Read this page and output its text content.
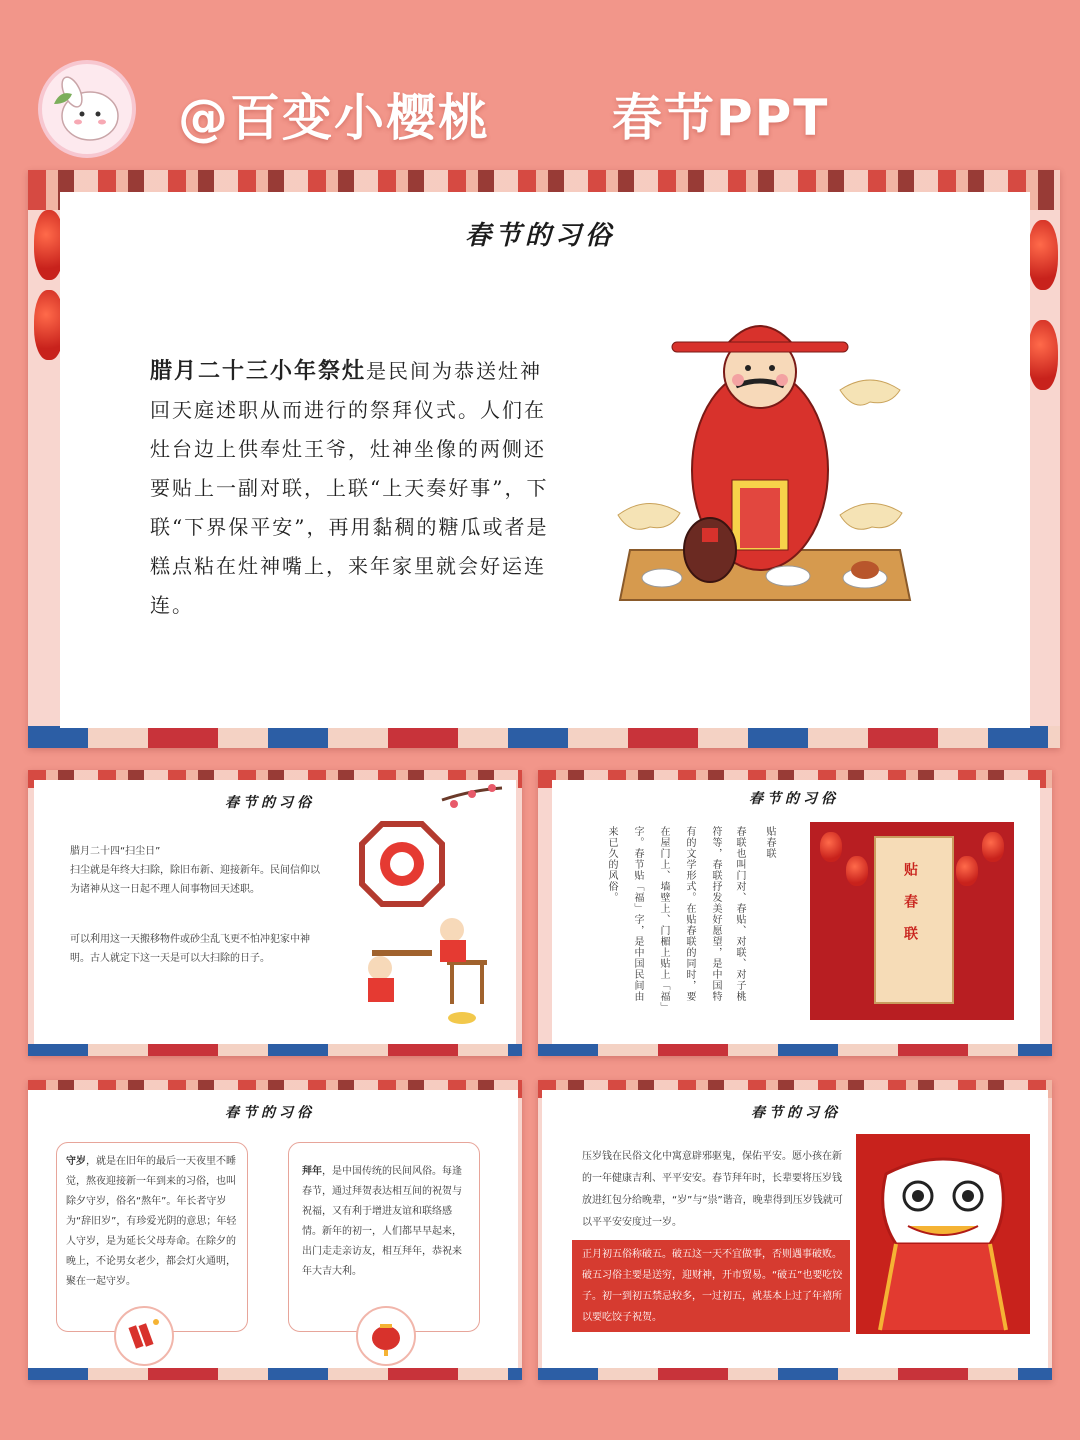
@百变小樱桃 春节PPT
春节的习俗
腊月二十三小年祭灶是民间为恭送灶神回天庭述职从而进行的祭拜仪式。人们在灶台边上供奉灶王爷，灶神坐像的两侧还要贴上一副对联，上联“上天奏好事”，下联“下界保平安”，再用黏稠的糖瓜或者是糕点粘在灶神嘴上，来年家里就会好运连连。
春节的习俗
腊月二十四“扫尘日”
扫尘就是年终大扫除，除旧布新、迎接新年。民间信仰以为诸神从这一日起不理人间事物回天述职。
可以利用这一天搬移物件或砂尘乱飞更不怕冲犯家中神明。古人就定下这一天是可以大扫除的日子。
春节的习俗
贴春联
春联也叫门对、春贴、对联、对子桃
符等，春联抒发美好愿望，是中国特
有的文学形式。在贴春联的同时，要
在屋门上、墙壁上、门楣上贴上「福」
字。春节贴「福」字，是中国民间由
来已久的风俗。	贴春联
春节的习俗
守岁，就是在旧年的最后一天夜里不睡觉，熬夜迎接新一年到来的习俗，也叫除夕守岁，俗名“熬年”。年长者守岁为“辞旧岁”，有珍爱光阴的意思；年轻人守岁，是为延长父母寿命。在除夕的晚上，不论男女老少，都会灯火通明，聚在一起守岁。
拜年，是中国传统的民间风俗。每逢春节，通过拜贺表达相互间的祝贺与祝福，又有利于增进友谊和联络感情。新年的初一，人们都早早起来，出门走走亲访友，相互拜年，恭祝来年大吉大利。
春节的习俗
压岁钱在民俗文化中寓意辟邪驱鬼，保佑平安。愿小孩在新的一年健康吉利、平平安安。春节拜年时，长辈要将压岁钱放进红包分给晚辈，“岁”与“祟”谐音，晚辈得到压岁钱就可以平平安安度过一岁。
正月初五俗称破五。破五这一天不宜做事，否则遇事破败。破五习俗主要是送穷，迎财神，开市贸易。“破五”也要吃饺子。初一到初五禁忌较多，一过初五，就基本上过了年禧所以要吃饺子祝贺。
